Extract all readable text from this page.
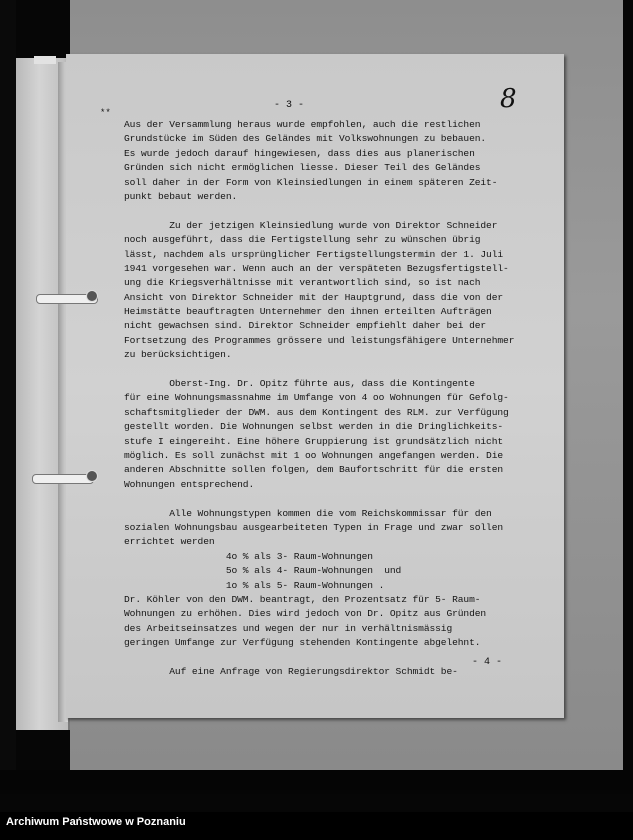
- 3 -	8
**
Aus der Versammlung heraus wurde empfohlen, auch die restlichen
Grundstücke im Süden des Geländes mit Volkswohnungen zu bebauen.
Es wurde jedoch darauf hingewiesen, dass dies aus planerischen
Gründen sich nicht ermöglichen liesse. Dieser Teil des Geländes
soll daher in der Form von Kleinsiedlungen in einem späteren Zeit-
punkt bebaut werden.
Zu der jetzigen Kleinsiedlung wurde von Direktor Schneider
noch ausgeführt, dass die Fertigstellung sehr zu wünschen übrig
lässt, nachdem als ursprünglicher Fertigstellungstermin der 1. Juli
1941 vorgesehen war. Wenn auch an der verspäteten Bezugsfertigstell-
ung die Kriegsverhältnisse mit verantwortlich sind, so ist nach
Ansicht von Direktor Schneider mit der Hauptgrund, dass die von der
Heimstätte beauftragten Unternehmer den ihnen erteilten Aufträgen
nicht gewachsen sind. Direktor Schneider empfiehlt daher bei der
Fortsetzung des Programmes grössere und leistungsfähigere Unternehmer
zu berücksichtigen.
Oberst-Ing. Dr. Opitz führte aus, dass die Kontingente
für eine Wohnungsmassnahme im Umfange von 4 oo Wohnungen für Gefolg-
schaftsmitglieder der DWM. aus dem Kontingent des RLM. zur Verfügung
gestellt worden. Die Wohnungen selbst werden in die Dringlichkeits-
stufe I eingereiht. Eine höhere Gruppierung ist grundsätzlich nicht
möglich. Es soll zunächst mit 1 oo Wohnungen angefangen werden. Die
anderen Abschnitte sollen folgen, dem Baufortschritt für die ersten
Wohnungen entsprechend.
Alle Wohnungstypen kommen die vom Reichskommissar für den
sozialen Wohnungsbau ausgearbeiteten Typen in Frage und zwar sollen
errichtet werden
4o % als 3- Raum-Wohnungen
5o % als 4- Raum-Wohnungen  und
1o % als 5- Raum-Wohnungen .
Dr. Köhler von den DWM. beantragt, den Prozentsatz für 5- Raum-
Wohnungen zu erhöhen. Dies wird jedoch von Dr. Opitz aus Gründen
des Arbeitseinsatzes und wegen der nur in verhältnismässig
geringen Umfange zur Verfügung stehenden Kontingente abgelehnt.
Auf eine Anfrage von Regierungsdirektor Schmidt be-
- 4 -
Archiwum Państwowe w Poznaniu
